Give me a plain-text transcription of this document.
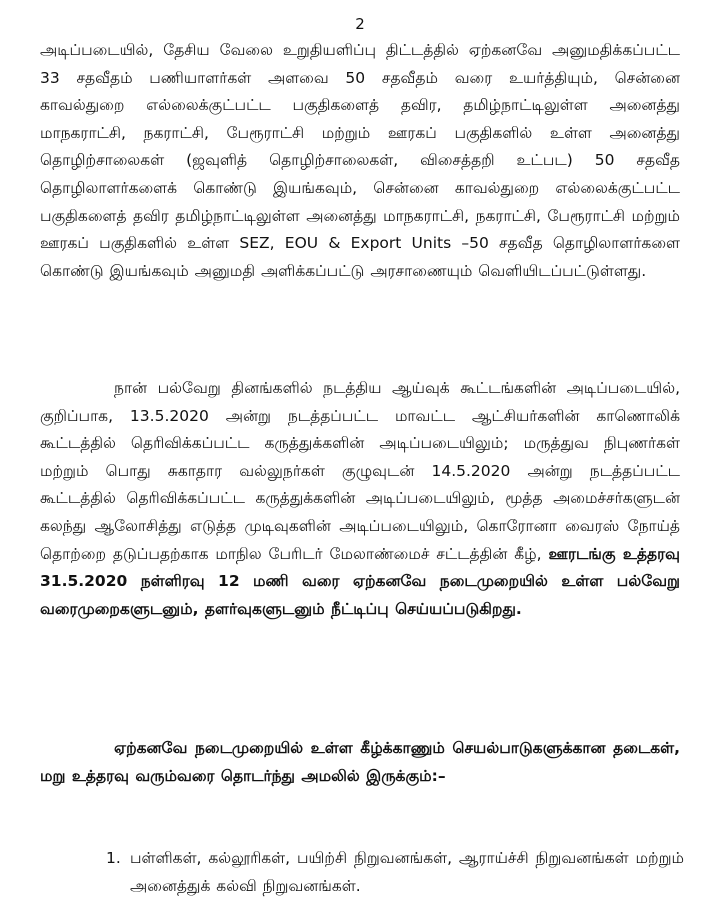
2

அடிப்படையில், தேசிய வேலை உறுதியளிப்பு திட்டத்தில் ஏற்கனவே அனுமதிக்கப்பட்ட 33 சதவீதம் பணியாளர்கள் அளவை 50 சதவீதம் வரை உயர்த்தியும், சென்னை காவல்துறை எல்லைக்குட்பட்ட பகுதிகளைத் தவிர, தமிழ்நாட்டிலுள்ள அனைத்து மாநகராட்சி, நகராட்சி, பேரூராட்சி மற்றும் ஊரகப் பகுதிகளில் உள்ள அனைத்து தொழிற்சாலைகள் (ஜவுளித் தொழிற்சாலைகள், விசைத்தறி உட்பட) 50 சதவீத தொழிலாளர்களைக் கொண்டு இயங்கவும், சென்னை காவல்துறை எல்லைக்குட்பட்ட பகுதிகளைத் தவிர தமிழ்நாட்டிலுள்ள அனைத்து மாநகராட்சி, நகராட்சி, பேரூராட்சி மற்றும் ஊரகப் பகுதிகளில் உள்ள SEZ, EOU & Export Units –50 சதவீத தொழிலாளர்களை கொண்டு இயங்கவும் அனுமதி அளிக்கப்பட்டு அரசாணையும் வெளியிடப்பட்டுள்ளது.

நான் பல்வேறு தினங்களில் நடத்திய ஆய்வுக் கூட்டங்களின் அடிப்படையில், குறிப்பாக, 13.5.2020 அன்று நடத்தப்பட்ட மாவட்ட ஆட்சியர்களின் காணொலிக் கூட்டத்தில் தெரிவிக்கப்பட்ட கருத்துக்களின் அடிப்படையிலும்; மருத்துவ நிபுணர்கள் மற்றும் பொது சுகாதார வல்லுநர்கள் குழுவுடன் 14.5.2020 அன்று நடத்தப்பட்ட கூட்டத்தில் தெரிவிக்கப்பட்ட கருத்துக்களின் அடிப்படையிலும், மூத்த அமைச்சர்களுடன் கலந்து ஆலோசித்து எடுத்த முடிவுகளின் அடிப்படையிலும், கொரோனா வைரஸ் நோய்த் தொற்றை தடுப்பதற்காக மாநில பேரிடர் மேலாண்மைச் சட்டத்தின் கீழ், ஊரடங்கு உத்தரவு 31.5.2020 நள்ளிரவு 12 மணி வரை ஏற்கனவே நடைமுறையில் உள்ள பல்வேறு வரைமுறைகளுடனும், தளர்வுகளுடனும் நீட்டிப்பு செய்யப்படுகிறது.

ஏற்கனவே நடைமுறையில் உள்ள கீழ்க்காணும் செயல்பாடுகளுக்கான தடைகள், மறு உத்தரவு வரும்வரை தொடர்ந்து அமலில் இருக்கும்:–

1. பள்ளிகள், கல்லூரிகள், பயிற்சி நிறுவனங்கள், ஆராய்ச்சி நிறுவனங்கள் மற்றும் அனைத்துக் கல்வி நிறுவனங்கள்.
